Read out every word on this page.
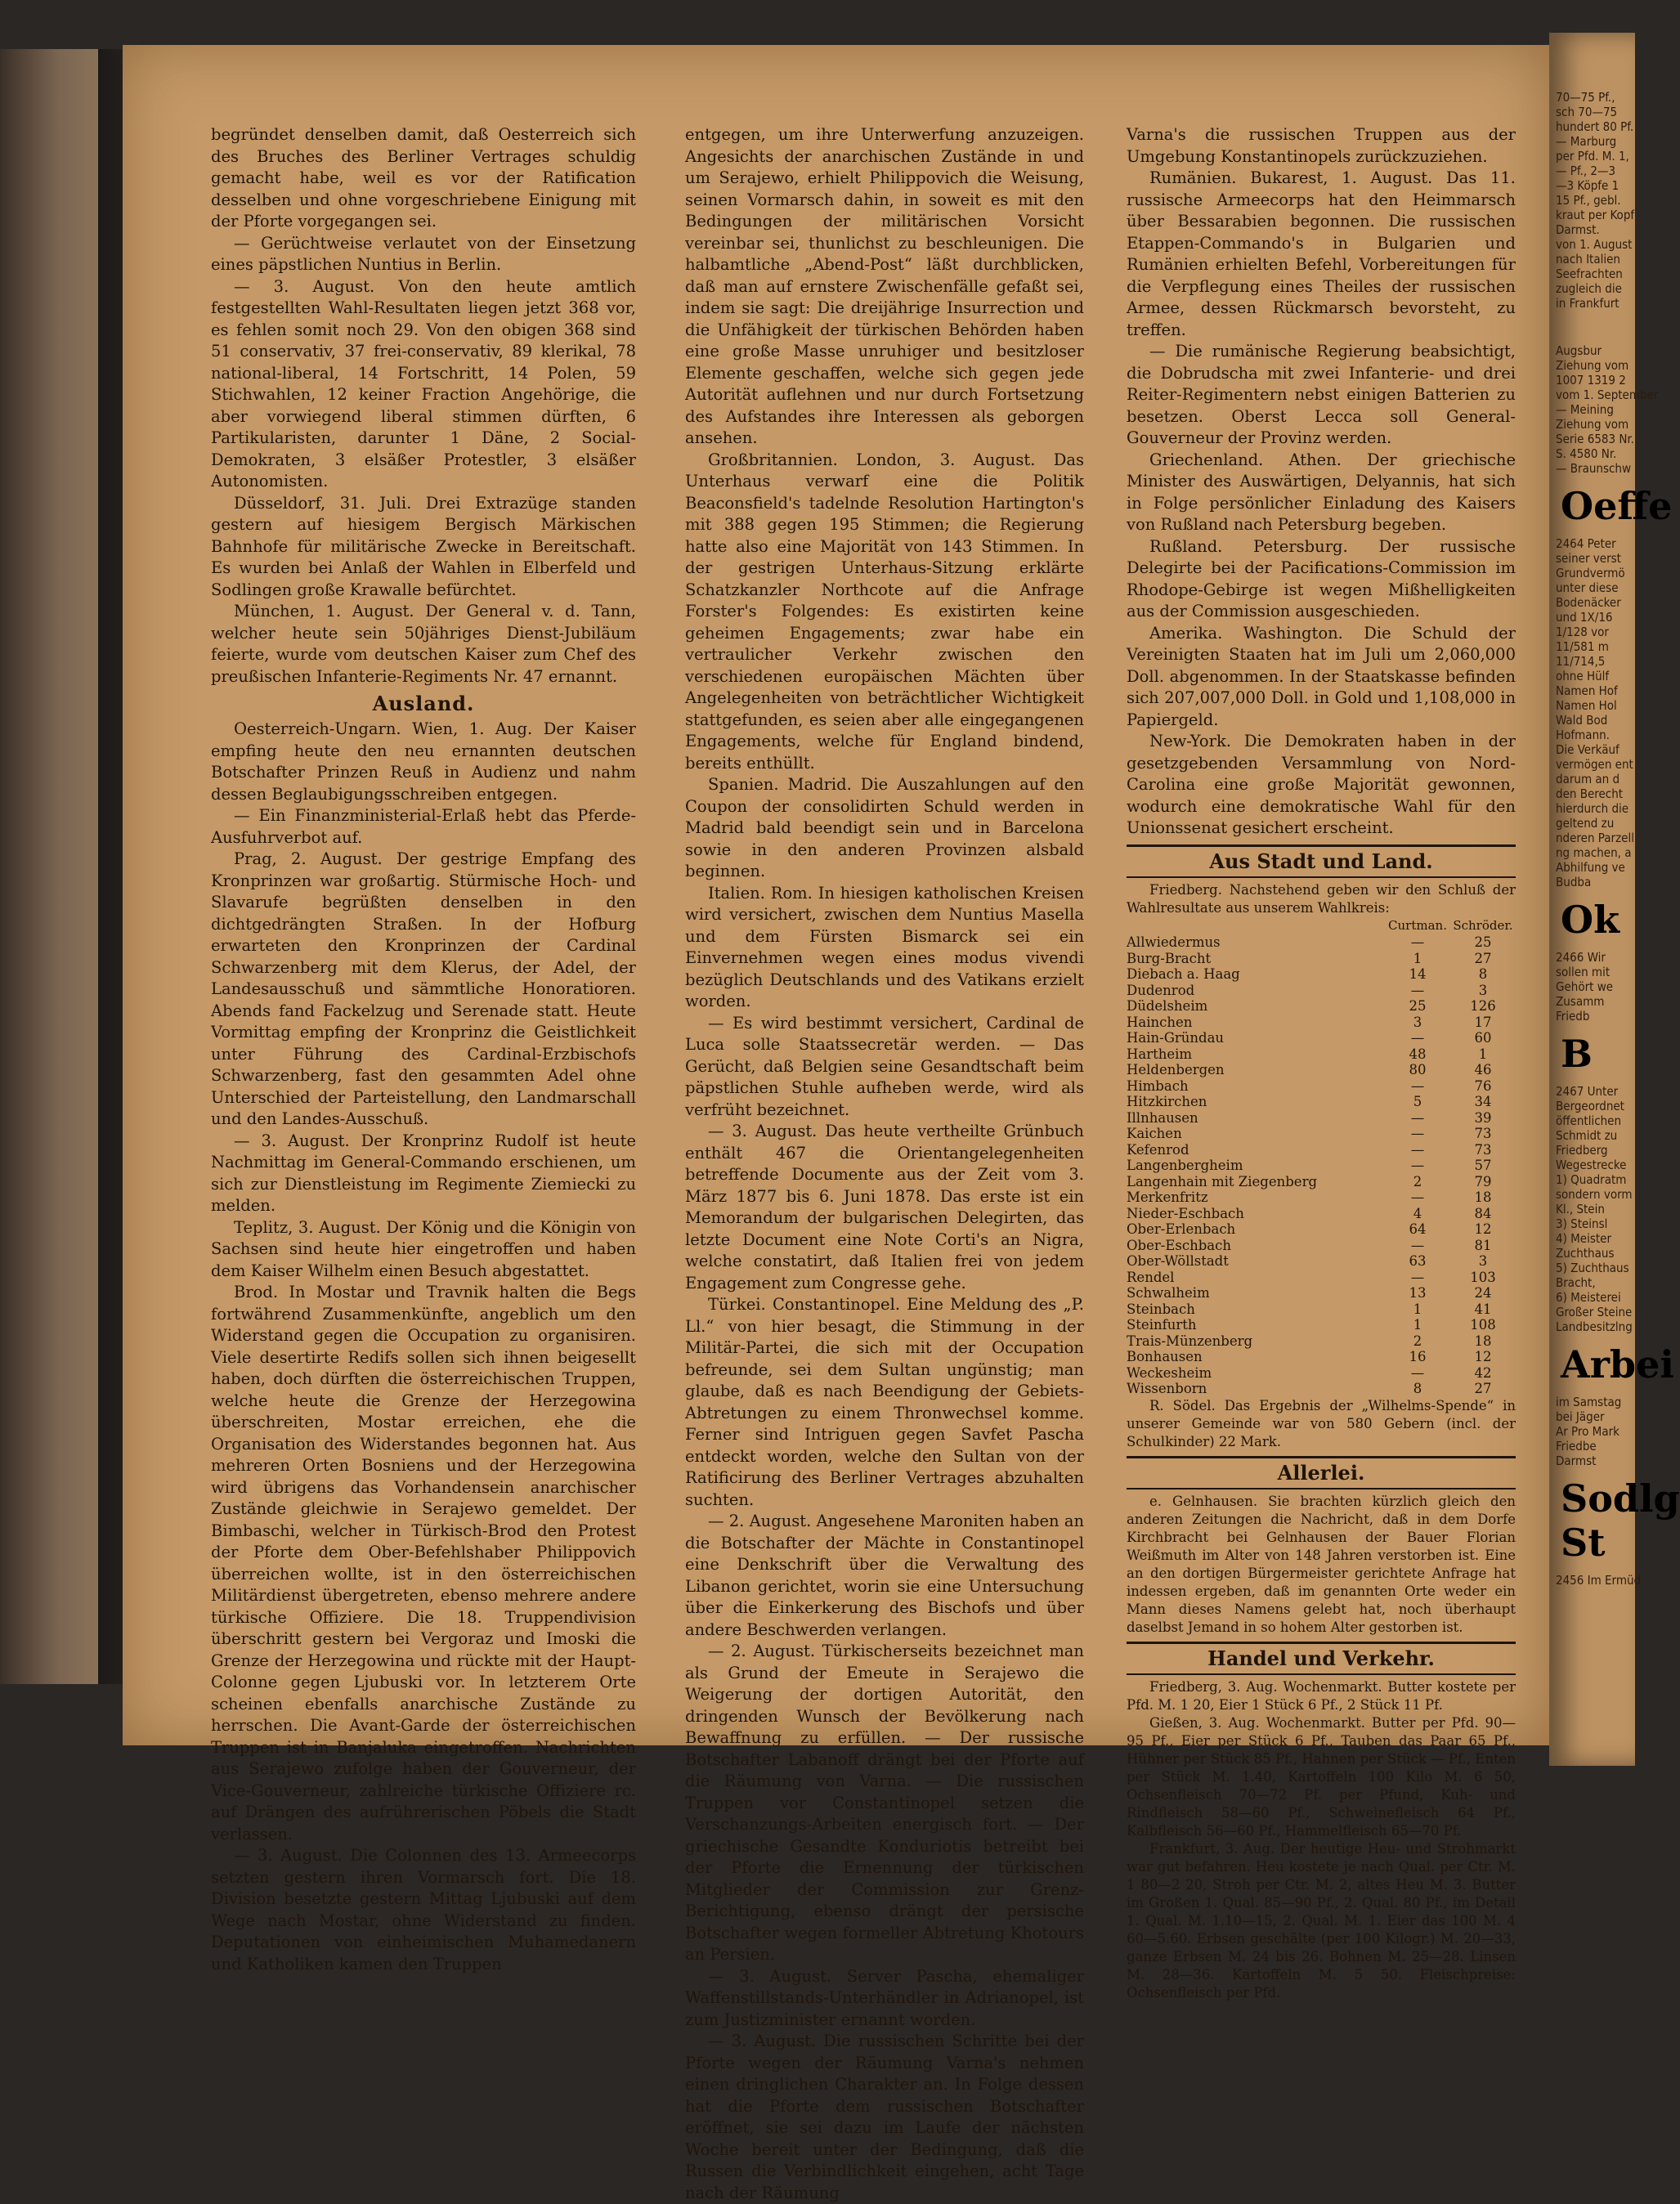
begründet denselben damit, daß Oesterreich sich des Bruches des Berliner Vertrages schuldig gemacht habe, weil es vor der Ratification desselben und ohne vorgeschriebene Einigung mit der Pforte vorgegangen sei.

— Gerüchtweise verlautet von der Einsetzung eines päpstlichen Nuntius in Berlin.

— 3. August. Von den heute amtlich festgestellten Wahl-Resultaten liegen jetzt 368 vor, es fehlen somit noch 29. Von den obigen 368 sind 51 conservativ, 37 frei-conservativ, 89 klerikal, 78 national-liberal, 14 Fortschritt, 14 Polen, 59 Stichwahlen, 12 keiner Fraction Angehörige, die aber vorwiegend liberal stimmen dürften, 6 Partikularisten, darunter 1 Däne, 2 Social-Demokraten, 3 elsäßer Protestler, 3 elsäßer Autonomisten.

Düsseldorf, 31. Juli. Drei Extrazüge standen gestern auf hiesigem Bergisch Märkischen Bahnhofe für militärische Zwecke in Bereitschaft. Es wurden bei Anlaß der Wahlen in Elberfeld und Sodlingen große Krawalle befürchtet.

München, 1. August. Der General v. d. Tann, welcher heute sein 50jähriges Dienst-Jubiläum feierte, wurde vom deutschen Kaiser zum Chef des preußischen Infanterie-Regiments Nr. 47 ernannt.

Ausland.

Oesterreich-Ungarn. Wien, 1. Aug. Der Kaiser empfing heute den neu ernannten deutschen Botschafter Prinzen Reuß in Audienz und nahm dessen Beglaubigungsschreiben entgegen.

— Ein Finanzministerial-Erlaß hebt das Pferde-Ausfuhrverbot auf.

Prag, 2. August. Der gestrige Empfang des Kronprinzen war großartig. Stürmische Hoch- und Slavarufe begrüßten denselben in den dichtgedrängten Straßen. In der Hofburg erwarteten den Kronprinzen der Cardinal Schwarzenberg mit dem Klerus, der Adel, der Landesausschuß und sämmtliche Honoratioren. Abends fand Fackelzug und Serenade statt. Heute Vormittag empfing der Kronprinz die Geistlichkeit unter Führung des Cardinal-Erzbischofs Schwarzenberg, fast den gesammten Adel ohne Unterschied der Parteistellung, den Landmarschall und den Landes-Ausschuß.

— 3. August. Der Kronprinz Rudolf ist heute Nachmittag im General-Commando erschienen, um sich zur Dienstleistung im Regimente Ziemiecki zu melden.

Teplitz, 3. August. Der König und die Königin von Sachsen sind heute hier eingetroffen und haben dem Kaiser Wilhelm einen Besuch abgestattet.

Brod. In Mostar und Travnik halten die Begs fortwährend Zusammenkünfte, angeblich um den Widerstand gegen die Occupation zu organisiren. Viele desertirte Redifs sollen sich ihnen beigesellt haben, doch dürften die österreichischen Truppen, welche heute die Grenze der Herzegowina überschreiten, Mostar erreichen, ehe die Organisation des Widerstandes begonnen hat. Aus mehreren Orten Bosniens und der Herzegowina wird übrigens das Vorhandensein anarchischer Zustände gleichwie in Serajewo gemeldet. Der Bimbaschi, welcher in Türkisch-Brod den Protest der Pforte dem Ober-Befehlshaber Philippovich überreichen wollte, ist in den österreichischen Militärdienst übergetreten, ebenso mehrere andere türkische Offiziere. Die 18. Truppendivision überschritt gestern bei Vergoraz und Imoski die Grenze der Herzegowina und rückte mit der Haupt-Colonne gegen Ljubuski vor. In letzterem Orte scheinen ebenfalls anarchische Zustände zu herrschen. Die Avant-Garde der österreichischen Truppen ist in Banjaluka eingetroffen. Nachrichten aus Serajewo zufolge haben der Gouverneur, der Vice-Gouverneur, zahlreiche türkische Offiziere rc. auf Drängen des aufrührerischen Pöbels die Stadt verlassen.

— 3. August. Die Colonnen des 13. Armeecorps setzten gestern ihren Vormarsch fort. Die 18. Division besetzte gestern Mittag Ljubuski auf dem Wege nach Mostar, ohne Widerstand zu finden. Deputationen von einheimischen Muhamedanern und Katholiken kamen den Truppen

entgegen, um ihre Unterwerfung anzuzeigen. Angesichts der anarchischen Zustände in und um Serajewo, erhielt Philippovich die Weisung, seinen Vormarsch dahin, in soweit es mit den Bedingungen der militärischen Vorsicht vereinbar sei, thunlichst zu beschleunigen. Die halbamtliche „Abend-Post“ läßt durchblicken, daß man auf ernstere Zwischenfälle gefaßt sei, indem sie sagt: Die dreijährige Insurrection und die Unfähigkeit der türkischen Behörden haben eine große Masse unruhiger und besitzloser Elemente geschaffen, welche sich gegen jede Autorität auflehnen und nur durch Fortsetzung des Aufstandes ihre Interessen als geborgen ansehen.

Großbritannien. London, 3. August. Das Unterhaus verwarf eine die Politik Beaconsfield's tadelnde Resolution Hartington's mit 388 gegen 195 Stimmen; die Regierung hatte also eine Majorität von 143 Stimmen. In der gestrigen Unterhaus-Sitzung erklärte Schatzkanzler Northcote auf die Anfrage Forster's Folgendes: Es existirten keine geheimen Engagements; zwar habe ein vertraulicher Verkehr zwischen den verschiedenen europäischen Mächten über Angelegenheiten von beträchtlicher Wichtigkeit stattgefunden, es seien aber alle eingegangenen Engagements, welche für England bindend, bereits enthüllt.

Spanien. Madrid. Die Auszahlungen auf den Coupon der consolidirten Schuld werden in Madrid bald beendigt sein und in Barcelona sowie in den anderen Provinzen alsbald beginnen.

Italien. Rom. In hiesigen katholischen Kreisen wird versichert, zwischen dem Nuntius Masella und dem Fürsten Bismarck sei ein Einvernehmen wegen eines modus vivendi bezüglich Deutschlands und des Vatikans erzielt worden.

— Es wird bestimmt versichert, Cardinal de Luca solle Staatssecretär werden. — Das Gerücht, daß Belgien seine Gesandtschaft beim päpstlichen Stuhle aufheben werde, wird als verfrüht bezeichnet.

— 3. August. Das heute vertheilte Grünbuch enthält 467 die Orientangelegenheiten betreffende Documente aus der Zeit vom 3. März 1877 bis 6. Juni 1878. Das erste ist ein Memorandum der bulgarischen Delegirten, das letzte Document eine Note Corti's an Nigra, welche constatirt, daß Italien frei von jedem Engagement zum Congresse gehe.

Türkei. Constantinopel. Eine Meldung des „P. Ll.“ von hier besagt, die Stimmung in der Militär-Partei, die sich mit der Occupation befreunde, sei dem Sultan ungünstig; man glaube, daß es nach Beendigung der Gebiets-Abtretungen zu einem Thronwechsel komme. Ferner sind Intriguen gegen Savfet Pascha entdeckt worden, welche den Sultan von der Ratificirung des Berliner Vertrages abzuhalten suchten.

— 2. August. Angesehene Maroniten haben an die Botschafter der Mächte in Constantinopel eine Denkschrift über die Verwaltung des Libanon gerichtet, worin sie eine Untersuchung über die Einkerkerung des Bischofs und über andere Beschwerden verlangen.

— 2. August. Türkischerseits bezeichnet man als Grund der Emeute in Serajewo die Weigerung der dortigen Autorität, den dringenden Wunsch der Bevölkerung nach Bewaffnung zu erfüllen. — Der russische Botschafter Labanoff drängt bei der Pforte auf die Räumung von Varna. — Die russischen Truppen vor Constantinopel setzen die Verschanzungs-Arbeiten energisch fort. — Der griechische Gesandte Konduriotis betreibt bei der Pforte die Ernennung der türkischen Mitglieder der Commission zur Grenz-Berichtigung, ebenso drängt der persische Botschafter wegen formeller Abtretung Khotours an Persien.

— 3. August. Server Pascha, ehemaliger Waffenstillstands-Unterhändler in Adrianopel, ist zum Justizminister ernannt worden.

— 3. August. Die russischen Schritte bei der Pforte wegen der Räumung Varna's nehmen einen dringlichen Charakter an. In Folge dessen hat die Pforte dem russischen Botschafter eröffnet, sie sei dazu im Laufe der nächsten Woche bereit unter der Bedingung, daß die Russen die Verbindlichkeit eingehen, acht Tage nach der Räumung

Varna's die russischen Truppen aus der Umgebung Konstantinopels zurückzuziehen.

Rumänien. Bukarest, 1. August. Das 11. russische Armeecorps hat den Heimmarsch über Bessarabien begonnen. Die russischen Etappen-Commando's in Bulgarien und Rumänien erhielten Befehl, Vorbereitungen für die Verpflegung eines Theiles der russischen Armee, dessen Rückmarsch bevorsteht, zu treffen.

— Die rumänische Regierung beabsichtigt, die Dobrudscha mit zwei Infanterie- und drei Reiter-Regimentern nebst einigen Batterien zu besetzen. Oberst Lecca soll General-Gouverneur der Provinz werden.

Griechenland. Athen. Der griechische Minister des Auswärtigen, Delyannis, hat sich in Folge persönlicher Einladung des Kaisers von Rußland nach Petersburg begeben.

Rußland. Petersburg. Der russische Delegirte bei der Pacifications-Commission im Rhodope-Gebirge ist wegen Mißhelligkeiten aus der Commission ausgeschieden.

Amerika. Washington. Die Schuld der Vereinigten Staaten hat im Juli um 2,060,000 Doll. abgenommen. In der Staatskasse befinden sich 207,007,000 Doll. in Gold und 1,108,000 in Papiergeld.

New-York. Die Demokraten haben in der gesetzgebenden Versammlung von Nord-Carolina eine große Majorität gewonnen, wodurch eine demokratische Wahl für den Unionssenat gesichert erscheint.

Aus Stadt und Land.

Friedberg. Nachstehend geben wir den Schluß der Wahlresultate aus unserem Wahlkreis:

	Curtman.	Schröder.
Allwiedermus	—	25
Burg-Bracht	1	27
Diebach a. Haag	14	8
Dudenrod	—	3
Düdelsheim	25	126
Hainchen	3	17
Hain-Gründau	—	60
Hartheim	48	1
Heldenbergen	80	46
Himbach	—	76
Hitzkirchen	5	34
Illnhausen	—	39
Kaichen	—	73
Kefenrod	—	73
Langenbergheim	—	57
Langenhain mit Ziegenberg	2	79
Merkenfritz	—	18
Nieder-Eschbach	4	84
Ober-Erlenbach	64	12
Ober-Eschbach	—	81
Ober-Wöllstadt	63	3
Rendel	—	103
Schwalheim	13	24
Steinbach	1	41
Steinfurth	1	108
Trais-Münzenberg	2	18
Bonhausen	16	12
Weckesheim	—	42
Wissenborn	8	27

R. Södel. Das Ergebnis der „Wilhelms-Spende“ in unserer Gemeinde war von 580 Gebern (incl. der Schulkinder) 22 Mark.

Allerlei.

e. Gelnhausen. Sie brachten kürzlich gleich den anderen Zeitungen die Nachricht, daß in dem Dorfe Kirchbracht bei Gelnhausen der Bauer Florian Weißmuth im Alter von 148 Jahren verstorben ist. Eine an den dortigen Bürgermeister gerichtete Anfrage hat indessen ergeben, daß im genannten Orte weder ein Mann dieses Namens gelebt hat, noch überhaupt daselbst Jemand in so hohem Alter gestorben ist.

Handel und Verkehr.

Friedberg, 3. Aug. Wochenmarkt. Butter kostete per Pfd. M. 1 20, Eier 1 Stück 6 Pf., 2 Stück 11 Pf.

Gießen, 3. Aug. Wochenmarkt. Butter per Pfd. 90—95 Pf., Eier per Stück 6 Pf., Tauben das Paar 65 Pf., Hühner per Stück 85 Pf., Hahnen per Stück — Pf., Enten per Stück M. 1.40, Kartoffeln 100 Kilo M. 6 50, Ochsenfleisch 70—72 Pf. per Pfund, Kuh- und Rindfleisch 58—60 Pf., Schweinefleisch 64 Pf., Kalbfleisch 56—60 Pf., Hammelfleisch 65—70 Pf.

Frankfurt, 3. Aug. Der heutige Heu- und Strohmarkt war gut befahren. Heu kostete je nach Qual. per Ctr. M. 1 80—2 20, Stroh per Ctr. M. 2, altes Heu M. 3. Butter im Großen 1. Qual. 85—90 Pf., 2. Qual. 80 Pf., im Detail 1. Qual. M. 1.10—15, 2. Qual. M. 1. Eier das 100 M. 4 60—5.60. Erbsen geschälte (per 100 Kilogr.) M. 20—33, ganze Erbsen M. 24 bis 26. Bohnen M. 25—28. Linsen M. 28—36. Kartoffeln M. 5 50. Fleischpreise: Ochsenfleisch per Pfd.

70—75 Pf.,
sch 70—75
hundert 80 Pf.
— Marburg
per Pfd. M. 1,
— Pf., 2—3
—3 Köpfe 1
15 Pf., gebl.
kraut per Kopf
Darmst.
von 1. August
nach Italien
Seefrachten
zugleich die
in Frankfurt
Augsbur
Ziehung vom
1007 1319 2
vom 1. September
— Meining
Ziehung vom
Serie 6583 Nr.
S. 4580 Nr.
— Braunschw
Oeffe
2464 Peter
seiner verst
Grundvermö
unter diese
Bodenäcker
und 1X/16
1/128 vor
11/581 m
11/714,5
ohne Hülf
Namen Hof
Namen Hol
Wald Bod
Hofmann.
Die Verkäuf
vermögen ent
darum an d
den Berecht
hierdurch die
geltend zu
nderen Parzell
ng machen, a
Abhilfung ve
Budba
Ok
2466 Wir
sollen mit
Gehört we
Zusamm
Friedb
B
2467 Unter
Bergeordnet
öffentlichen
Schmidt zu
Friedberg
Wegestrecke
1) Quadratm
sondern vorm
Kl., Stein
3) Steinsl
4) Meister
Zuchthaus
5) Zuchthaus
Bracht,
6) Meisterei
Großer Steine
Landbesitzlng
Arbei
im Samstag
bei Jäger
Ar Pro Mark
Friedbe
Darmst
Sodlg St
2456 Im Ermüd
